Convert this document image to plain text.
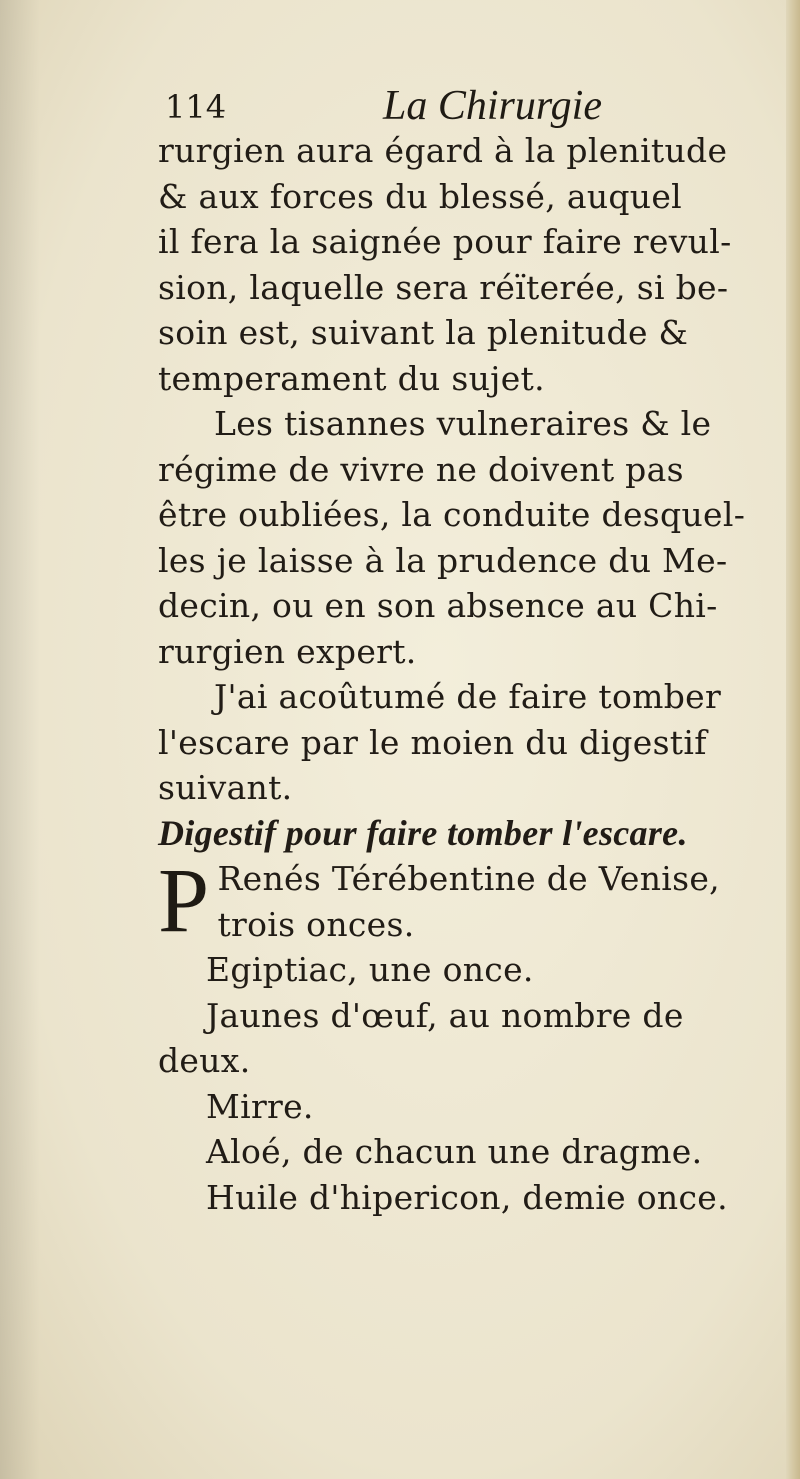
114	La Chirurgie
rurgien aura égard à la plenitude
& aux forces du blessé, auquel
il fera la saignée pour faire revul-
sion, laquelle sera réïterée, si be-
soin est, suivant la plenitude &
temperament du sujet.
Les tisannes vulneraires & le
régime de vivre ne doivent pas
être oubliées, la conduite desquel-
les je laisse à la prudence du Me-
decin, ou en son absence au Chi-
rurgien expert.
J'ai acoûtumé de faire tomber
l'escare par le moien du digestif
suivant.
Digestif pour faire tomber l'escare.
P Renés Térébentine de Venise,
trois onces.
Egiptiac, une once.
Jaunes d'œuf, au nombre de
deux.
Mirre.
Aloé, de chacun une dragme.
Huile d'hipericon, demie once.
